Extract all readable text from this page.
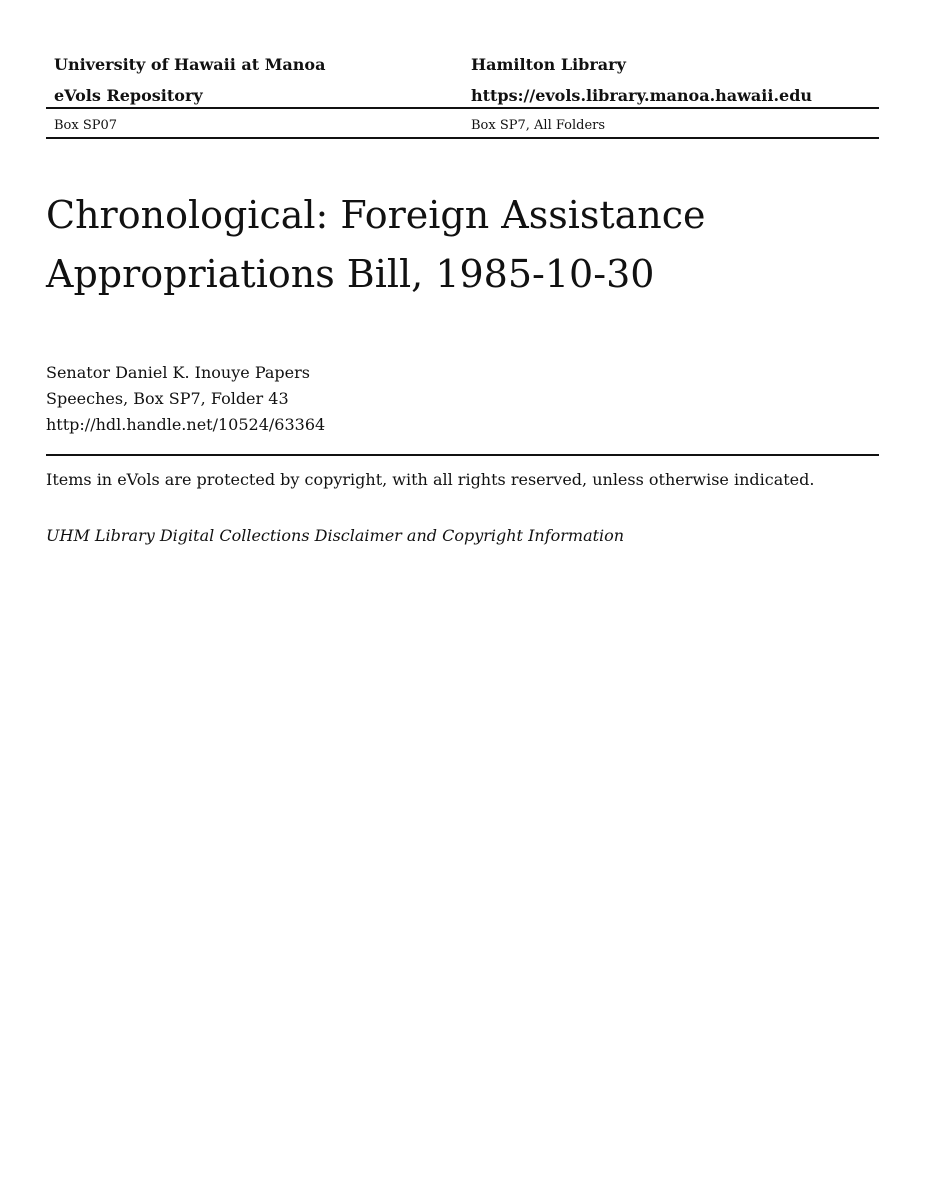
University of Hawaii at Manoa	Hamilton Library
eVols Repository	https://evols.library.manoa.hawaii.edu
Box SP07	Box SP7, All Folders
Chronological: Foreign Assistance
Appropriations Bill, 1985-10-30
Senator Daniel K. Inouye Papers
Speeches, Box SP7, Folder 43
http://hdl.handle.net/10524/63364
Items in eVols are protected by copyright, with all rights reserved, unless otherwise indicated.
UHM Library Digital Collections Disclaimer and Copyright Information
